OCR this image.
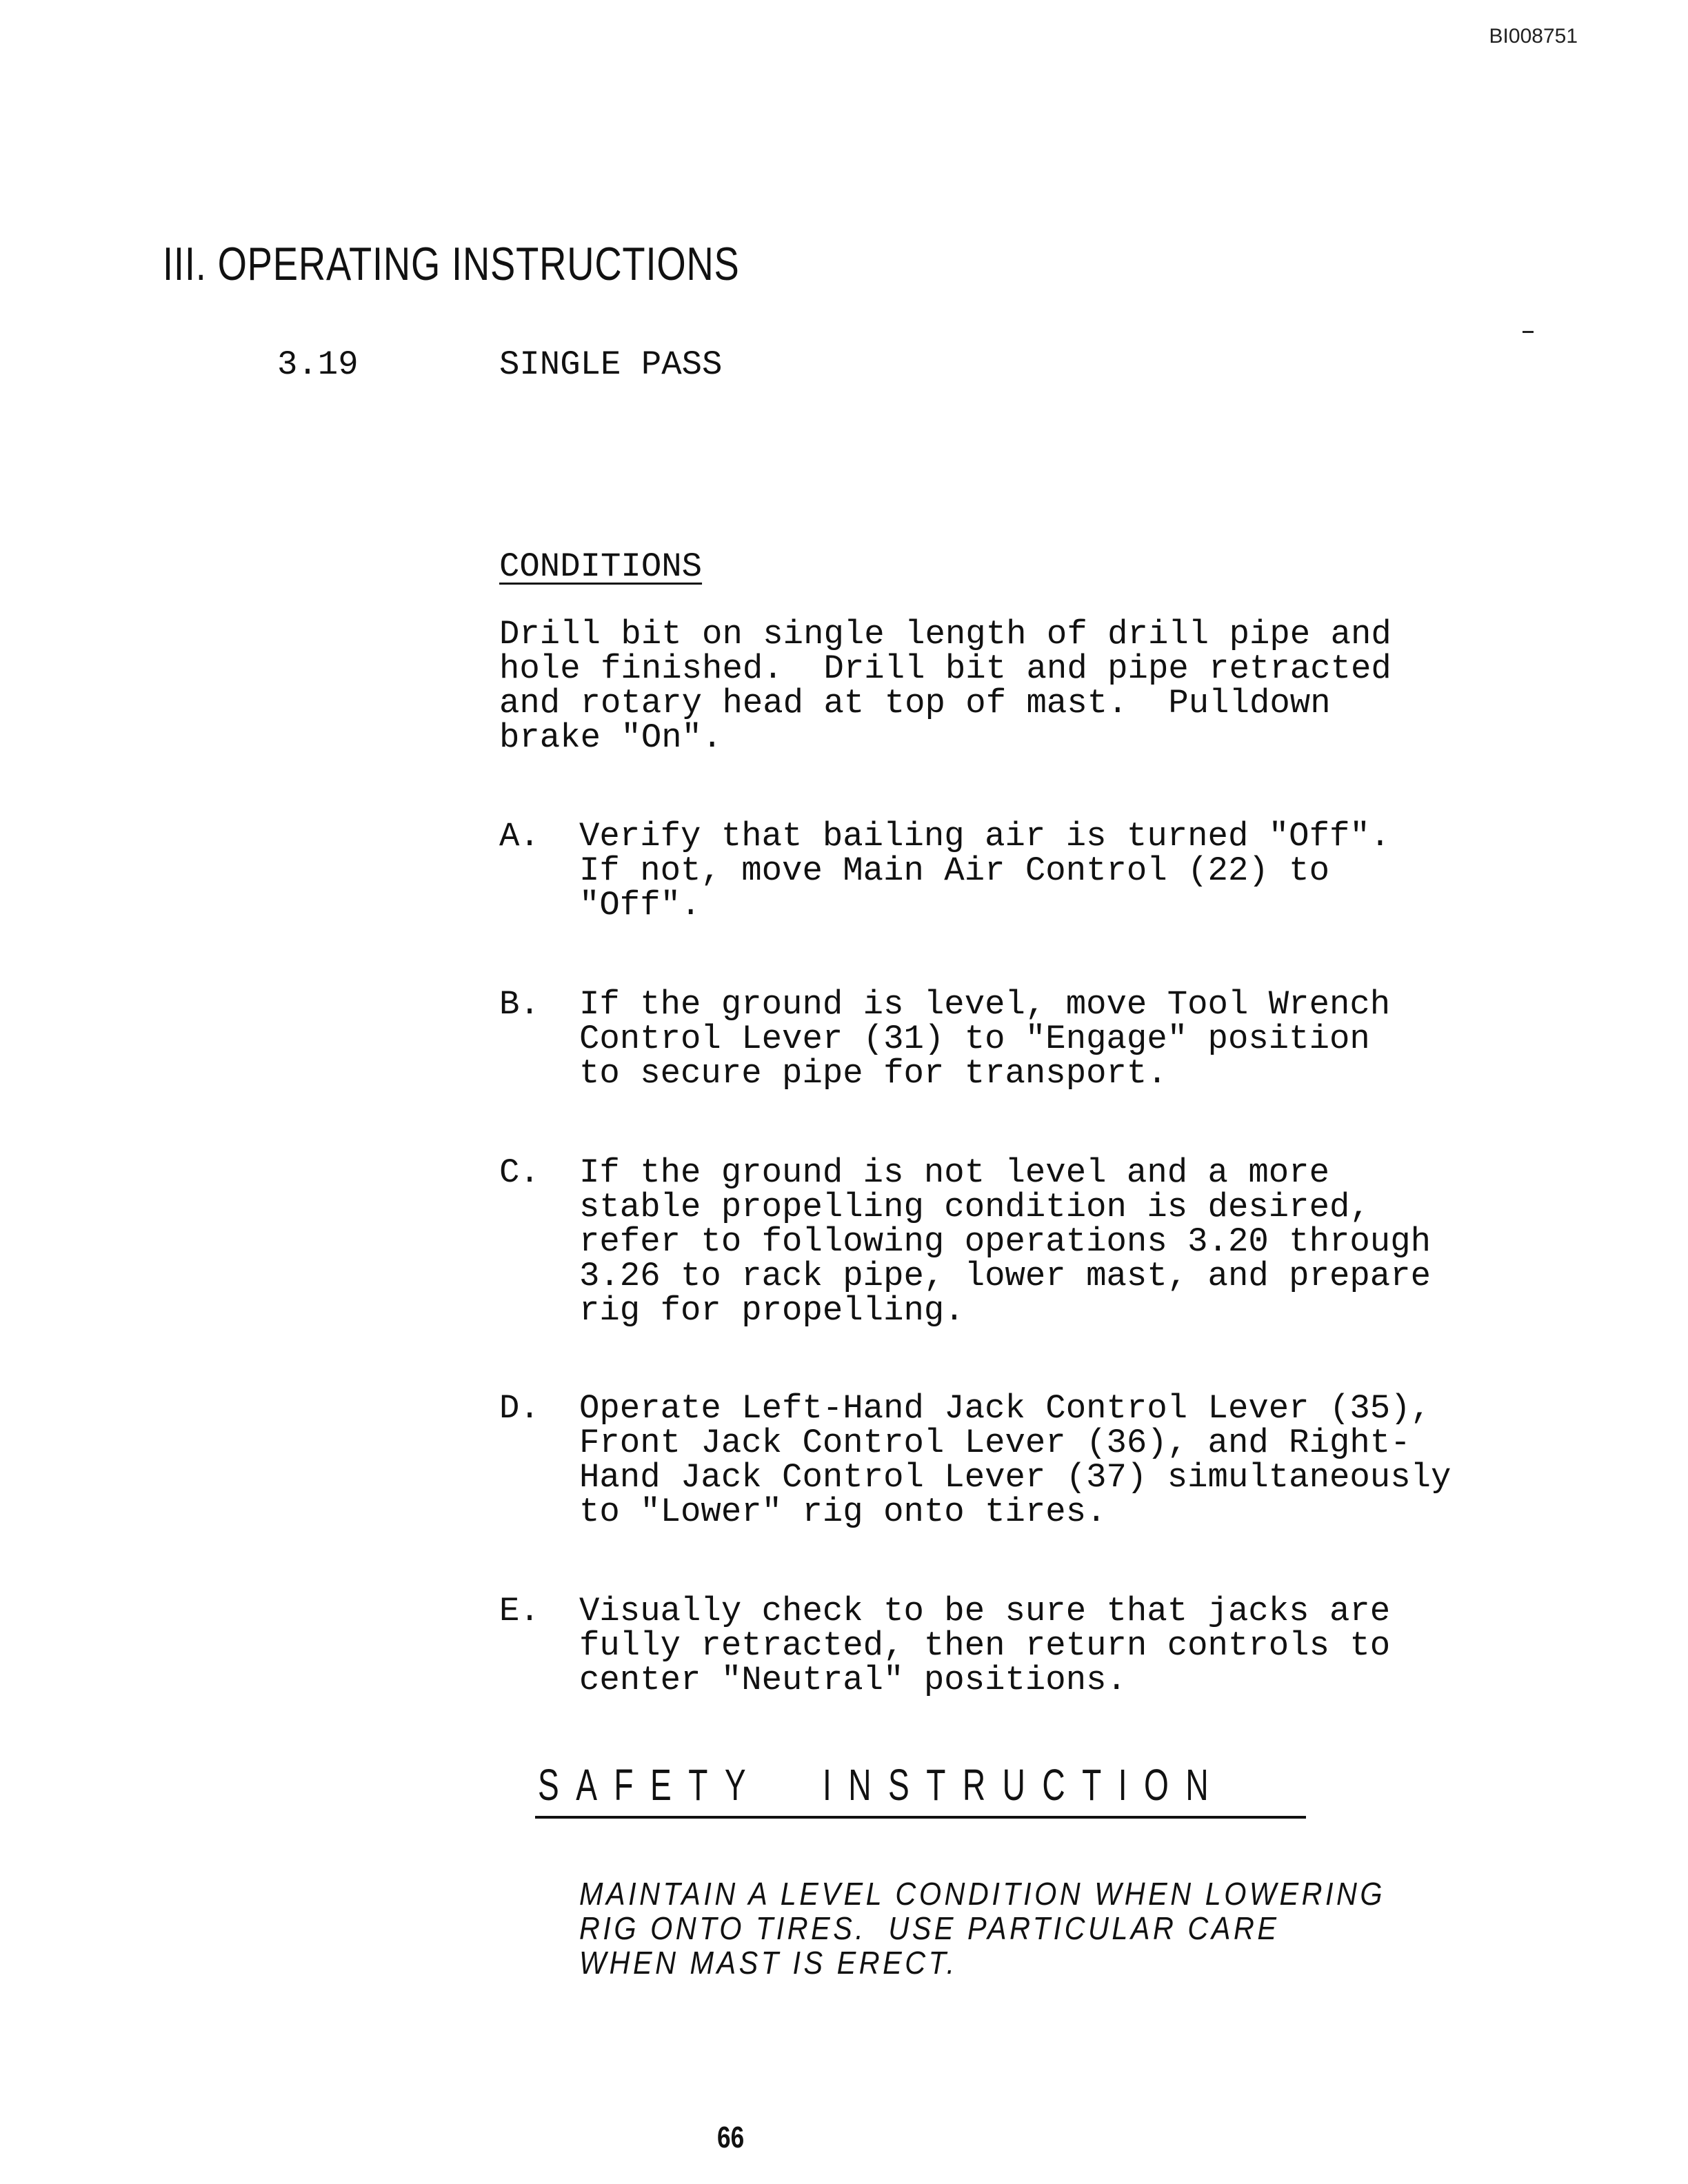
BI008751
III. OPERATING INSTRUCTIONS
3.19	SINGLE PASS
CONDITIONS
Drill bit on single length of drill pipe and
hole finished.  Drill bit and pipe retracted
and rotary head at top of mast.  Pulldown
brake "On".

A.

Verify that bailing air is turned "Off".
If not, move Main Air Control (22) to
"Off".

B.

If the ground is level, move Tool Wrench
Control Lever (31) to "Engage" position
to secure pipe for transport.

C.

If the ground is not level and a more
stable propelling condition is desired,
refer to following operations 3.20 through
3.26 to rack pipe, lower mast, and prepare
rig for propelling.

D.

Operate Left-Hand Jack Control Lever (35),
Front Jack Control Lever (36), and Right-
Hand Jack Control Lever (37) simultaneously
to "Lower" rig onto tires.

E.

Visually check to be sure that jacks are
fully retracted, then return controls to
center "Neutral" positions.

SAFETY INSTRUCTION
MAINTAIN A LEVEL CONDITION WHEN LOWERING
RIG ONTO TIRES.  USE PARTICULAR CARE
WHEN MAST IS ERECT.
66
